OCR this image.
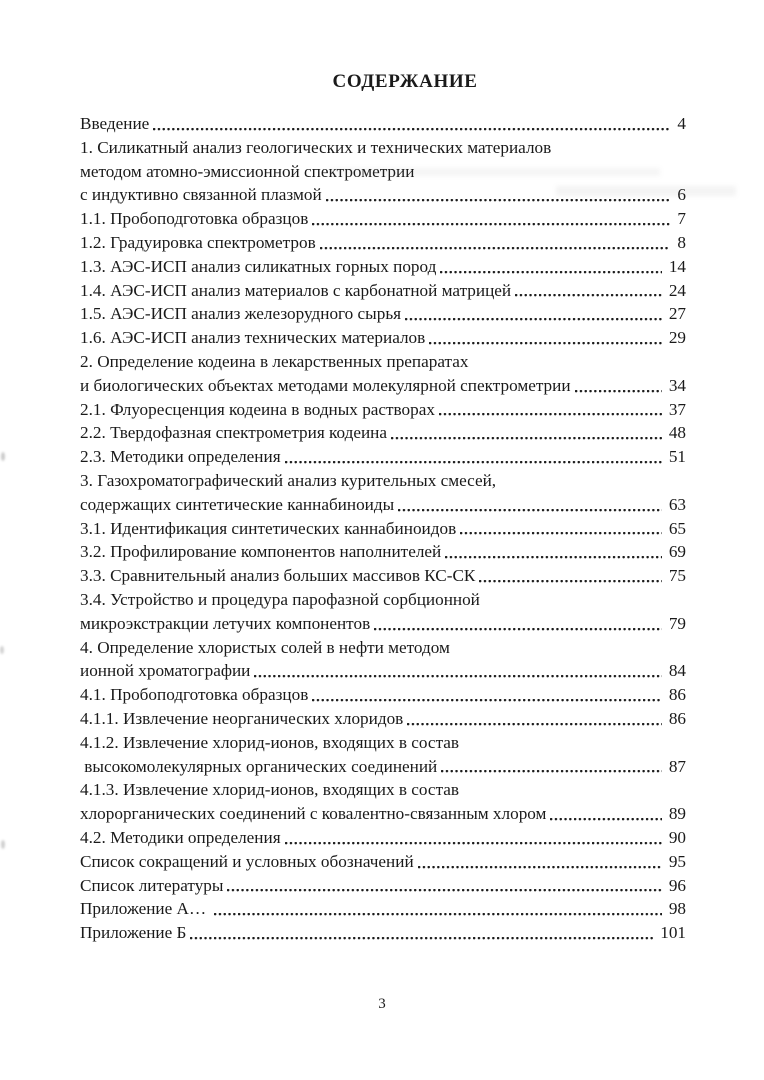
СОДЕРЖАНИЕ
Введение	4
1. Силикатный анализ геологических и технических материалов
методом атомно-эмиссионной спектрометрии
с индуктивно связанной плазмой	6
1.1. Пробоподготовка образцов	7
1.2. Градуировка спектрометров	8
1.3. АЭС-ИСП анализ силикатных горных пород	14
1.4. АЭС-ИСП анализ материалов с карбонатной матрицей	24
1.5. АЭС-ИСП анализ железорудного сырья	27
1.6. АЭС-ИСП анализ технических материалов	29
2. Определение кодеина в лекарственных препаратах
и биологических объектах методами молекулярной спектрометрии	34
2.1. Флуоресценция кодеина в водных растворах	37
2.2. Твердофазная спектрометрия кодеина	48
2.3. Методики определения	51
3. Газохроматографический анализ курительных смесей,
содержащих синтетические каннабиноиды	63
3.1. Идентификация синтетических каннабиноидов	65
3.2. Профилирование компонентов наполнителей	69
3.3. Сравнительный анализ больших массивов КС-СК	75
3.4. Устройство и процедура парофазной сорбционной
микроэкстракции летучих компонентов	79
4. Определение хлористых солей в нефти методом
ионной хроматографии	84
4.1. Пробоподготовка образцов	86
4.1.1. Извлечение неорганических хлоридов	86
4.1.2. Извлечение хлорид-ионов, входящих в состав
высокомолекулярных органических соединений	87
4.1.3. Извлечение хлорид-ионов, входящих в состав
хлорорганических соединений с ковалентно-связанным хлором	89
4.2. Методики определения	90
Список сокращений и условных обозначений	95
Список литературы	96
Приложение А…	98
Приложение Б	101
3
